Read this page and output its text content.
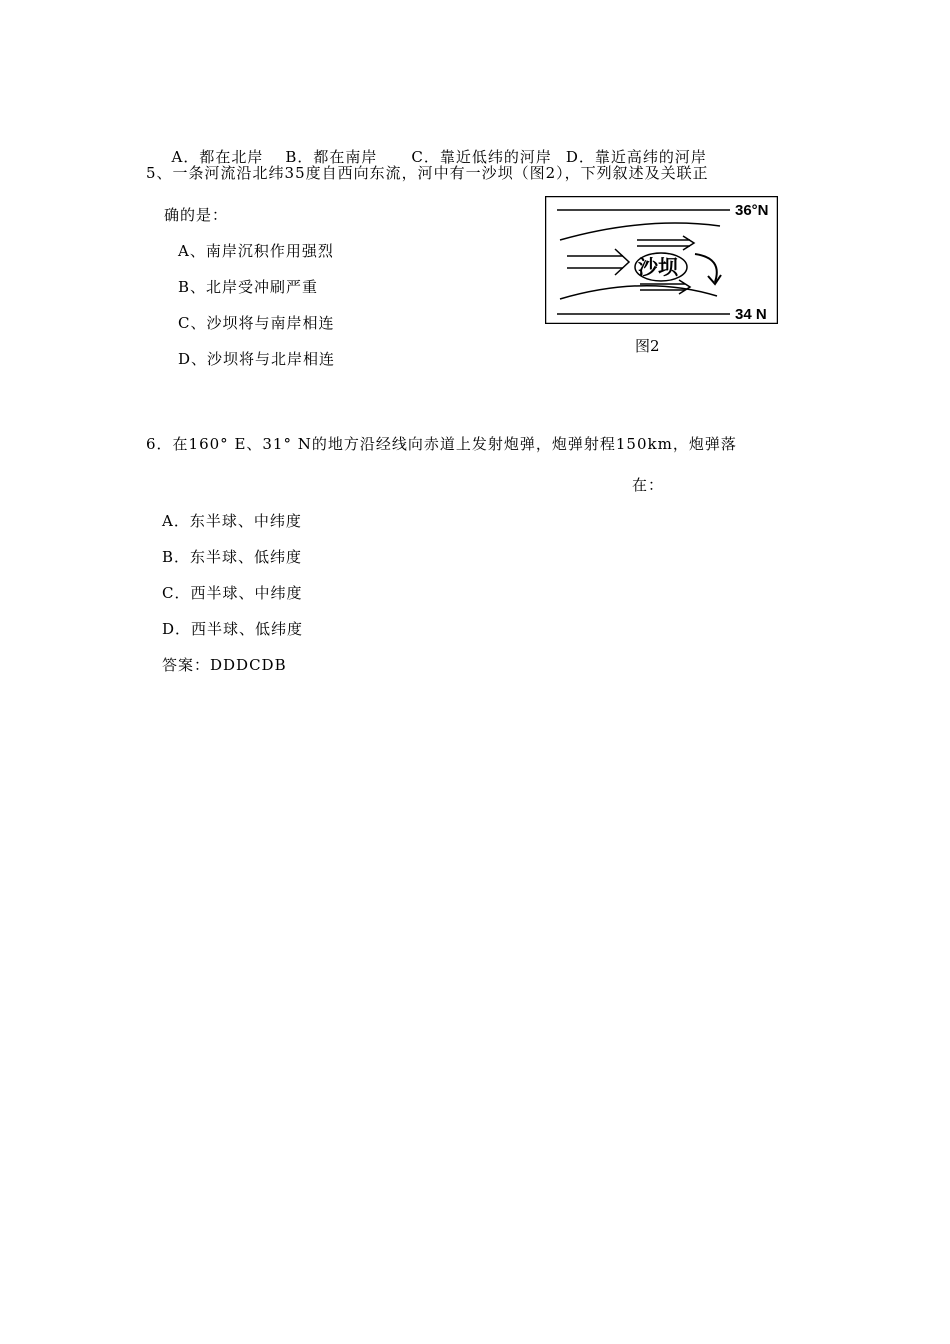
A．都在北岸 B．都在南岸 C．靠近低纬的河岸 D．靠近高纬的河岸

5、一条河流沿北纬35度自西向东流，河中有一沙坝（图2），下列叙述及关联正
确的是：
A、南岸沉积作用强烈
B、北岸受冲刷严重
C、沙坝将与南岸相连
D、沙坝将与北岸相连
36°N
34 N
沙坝
图2
6．在160° E、31° N的地方沿经线向赤道上发射炮弹，炮弹射程150km，炮弹落
在：
A．东半球、中纬度
B．东半球、低纬度
C．西半球、中纬度
D．西半球、低纬度
答案：DDDCDB
